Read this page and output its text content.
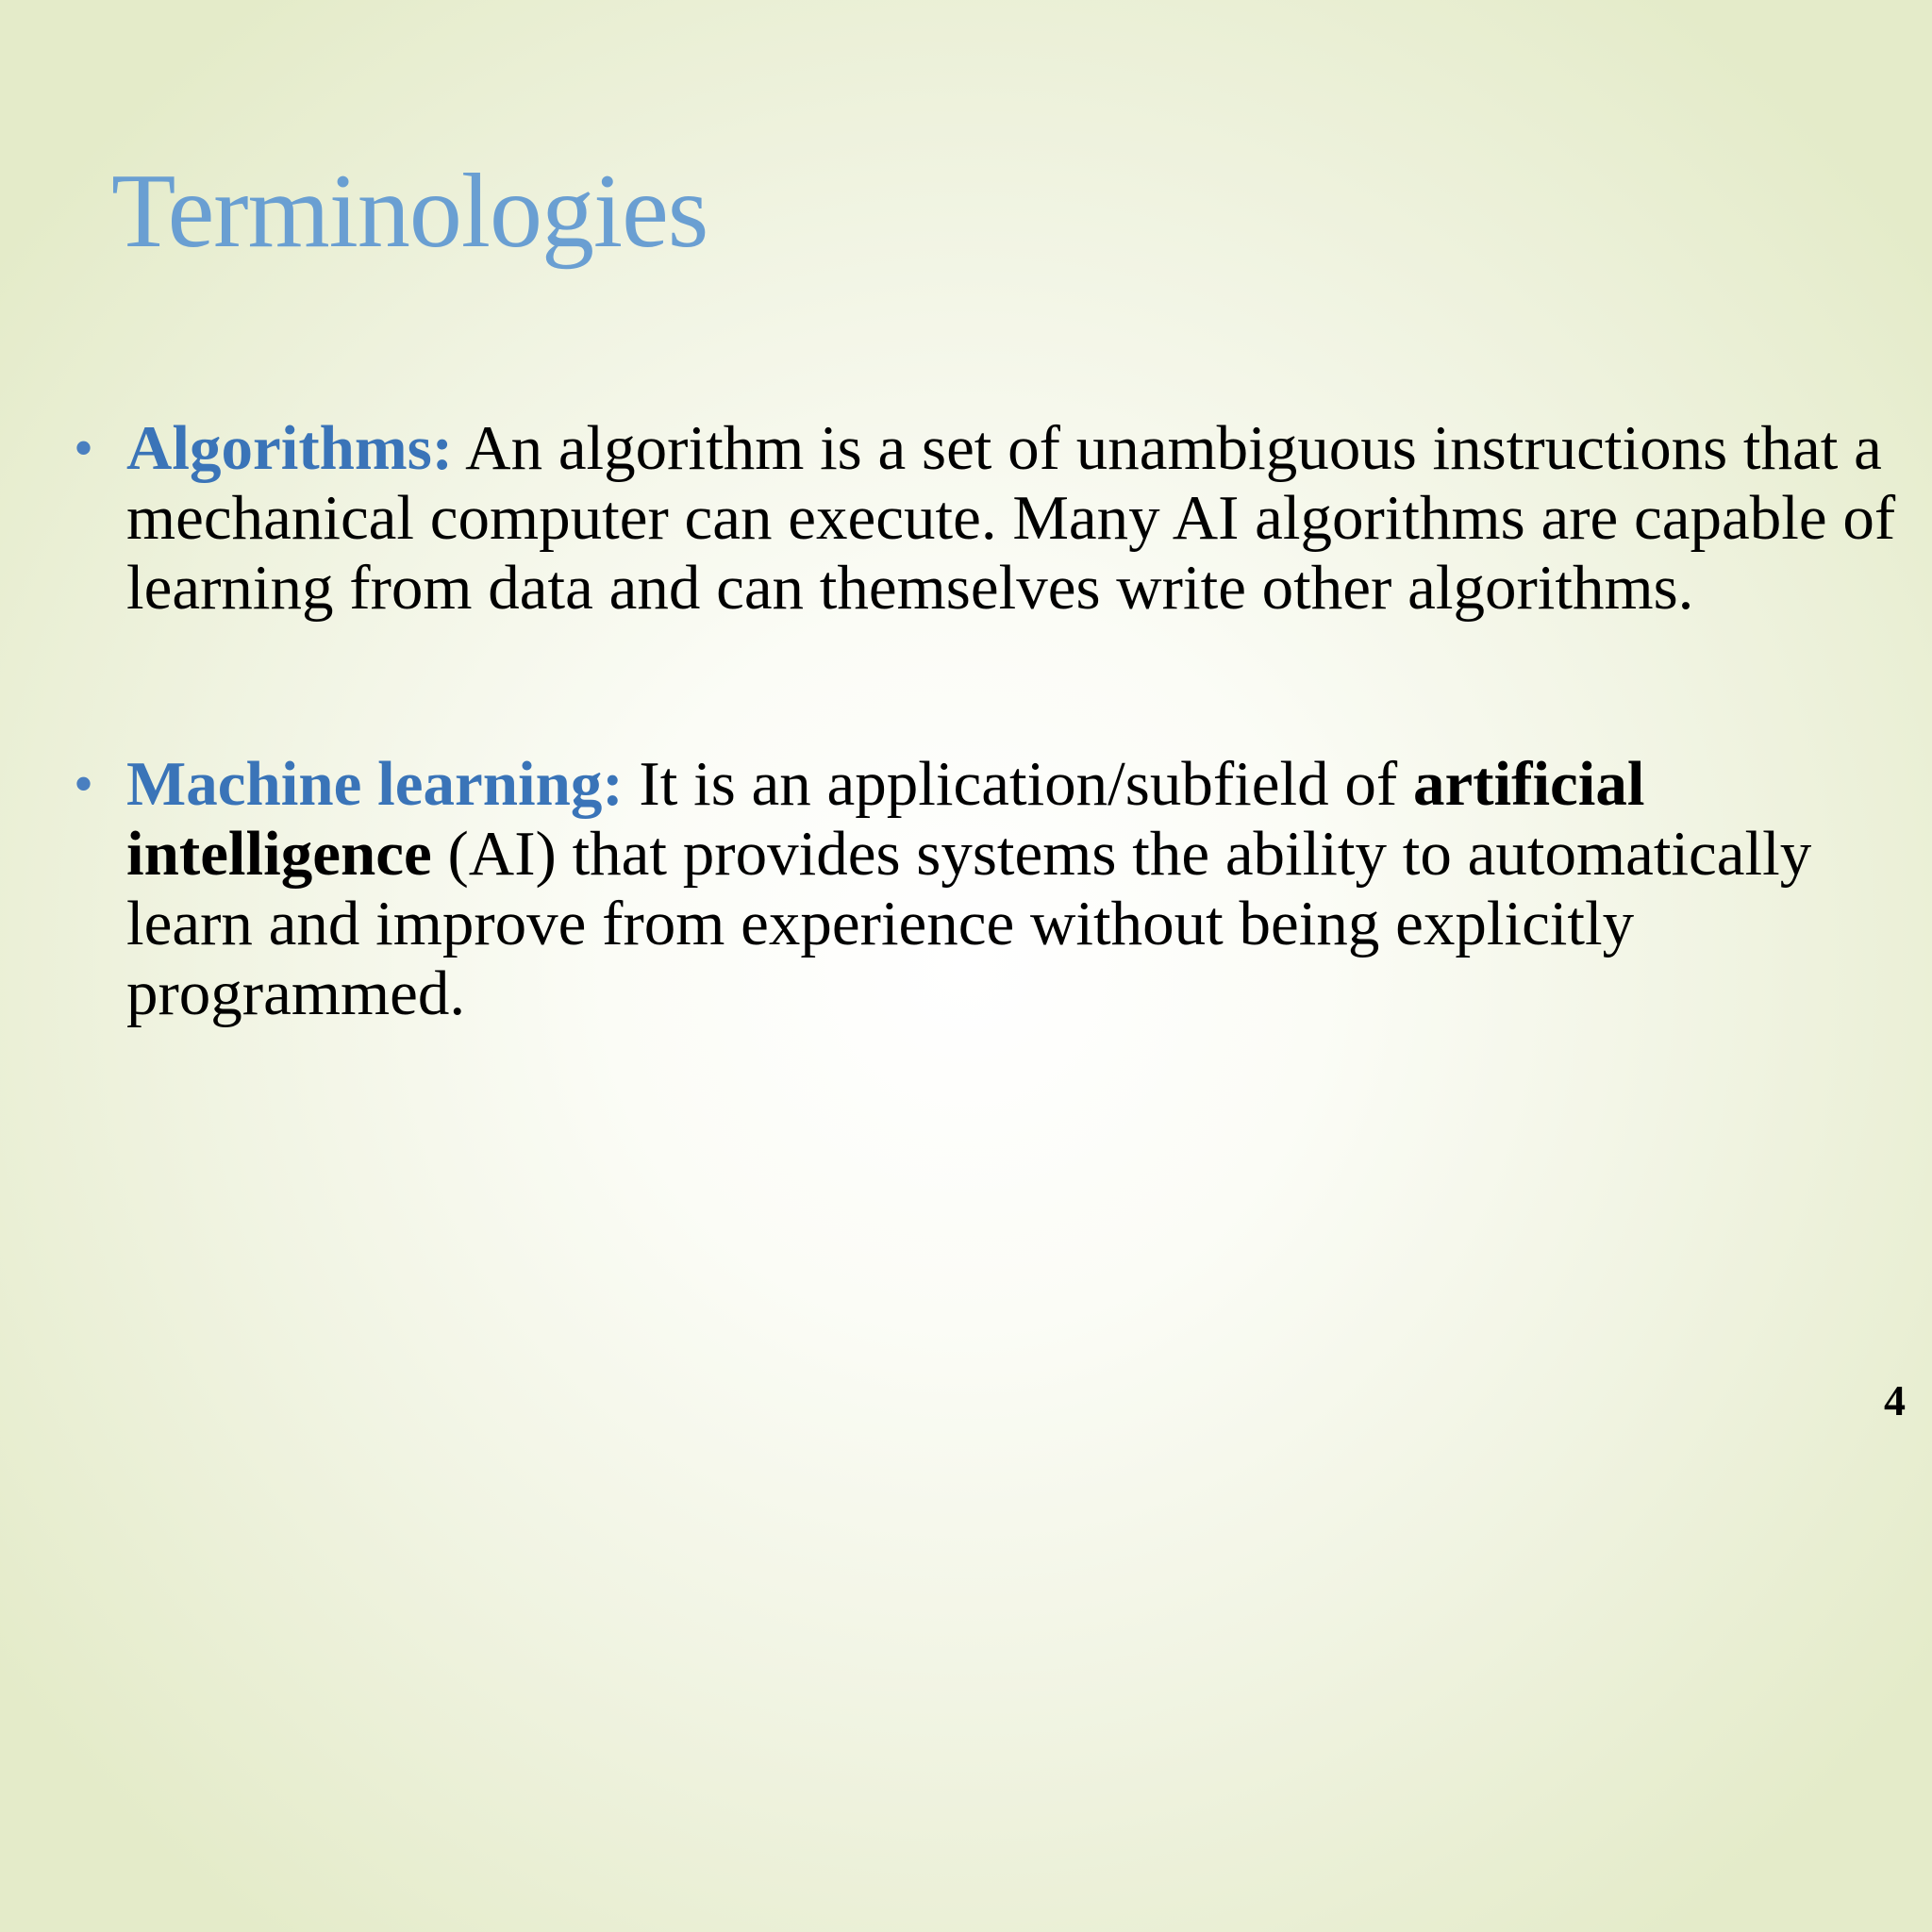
Terminologies
• Algorithms: An algorithm is a set of unambiguous instructions that a mechanical computer can execute. Many AI algorithms are capable of learning from data and can themselves write other algorithms.
• Machine learning: It is an application/subfield of artificial intelligence (AI) that provides systems the ability to automatically learn and improve from experience without being explicitly programmed.
4
